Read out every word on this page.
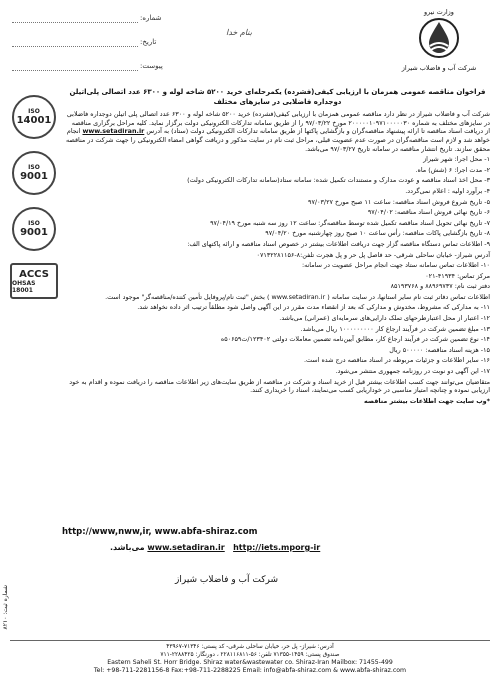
شماره:
تاریخ:
پیوست:
بنام خدا
وزارت نیرو
شرکت آب و فاضلاب شیراز
ISO
14001
ISO
9001
ISO
9001
ACCS
OHSAS 18001
فراخوان مناقصه عمومی همزمان با ارزیابی کیفی(فشرده) یکمرحله‌ای خرید ۵۲۰۰ شاخه لوله و ۶۳۰۰ عدد اتصالی پلی‌اتیلن
دوجداره فاضلابی در سایزهای مختلف

شرکت آب و فاضلاب شیراز در نظر دارد مناقصه عمومی همزمان با ارزیابی کیفی(فشرده) خرید ۵۲۰۰ شاخه لوله و ۶۳۰۰ عدد اتصالی پلی اتیلن دوجداره فاضلابی در سایزهای مختلف به شماره ۲۰۰۰۰۰۱۰۹۷۱۰۰۰۰۰۳۰ مورخ ۹۷/۰۳/۲۲ را از طریق سامانه تدارکات الکترونیکی دولت برگزار نماید. کلیه مراحل برگزاری مناقصه از دریافت اسناد مناقصه تا ارائه پیشنهاد مناقصه‌گران و بازگشایی پاکتها از طریق سامانه تدارکات الکترونیکی دولت (ستاد) به آدرس www.setadiran.ir انجام خواهد شد و لازم است مناقصه‌گران در صورت عدم عضویت قبلی، مراحل ثبت نام در سایت مذکور و دریافت گواهی امضاء الکترونیکی را جهت شرکت در مناقصه محقق سازند. تاریخ انتشار مناقصه در سامانه تاریخ ۹۷/۰۳/۲۷ می‌باشد.

۱- محل اجرا: شهر شیراز

۲- مدت اجرا: ۶ (شش) ماه.

۳- محل اخذ اسناد مناقصه و عودت مدارک و مستندات تکمیل شده: سامانه ستاد(سامانه تدارکات الکترونیکی دولت)

۴- برآورد اولیه : اعلام نمی‌گردد.

۵- تاریخ شروع فروش اسناد مناقصه: ساعت ۱۱ صبح مورخ ۹۷/۰۳/۲۷

۶- تاریخ نهائی فروش اسناد مناقصه: ۹۷/۰۴/۰۲

۷- تاریخ نهائی تحویل اسناد مناقصه تکمیل شده توسط مناقصه‌گر: ساعت ۱۲ روز سه شنبه مورخ ۹۷/۰۴/۱۹

۸- تاریخ بازگشایی پاکات مناقصه: رأس ساعت ۱۰ صبح روز چهارشنبه مورخ ۹۷/۰۴/۲۰

۹- اطلاعات تماس دستگاه مناقصه گزار جهت دریافت اطلاعات بیشتر در خصوص اسناد مناقصه و ارائه پاکتهای الف:

آدرس شیراز- خیابان ساحلی شرقی- حد فاصل پل حر و پل هجرت تلفن:۸-۰۷۱۳۲۲۸۱۱۵۶

۱۰- اطلاعات تماس سامانه ستاد جهت انجام مراحل عضویت در سامانه:

مرکز تماس: ۴۱۹۳۴-۰۲۱

دفتر ثبت نام: ۸۸۹۶۹۷۳۷ و ۸۵۱۹۳۷۶۸

اطلاعات تماس دفاتر ثبت نام سایر استانها، در سایت سامانه ( www.setadiran.ir ) بخش "ثبت نام/پروفایل تأمین کننده/مناقصه‌گر" موجود است.

۱۱- به مدارکی که مشروط، مخدوش و مدارکی که بعد از انقضاء مدت مقرر در این آگهی واصل شود مطلقاً ترتیب اثر داده نخواهد شد.

۱۲- اعتبار از محل اعتبارطرحهای تملک دارایی‌های سرمایه‌ای (عمرانی) می‌باشد.

۱۳- مبلغ تضمین شرکت در فرآیند ارجاع کار ۱۰۰۰۰۰۰۰۰۰ ریال می‌باشد.

۱۴- نوع تضمین شرکت در فرآیند ارجاع کار، مطابق آیین‌نامه تضمین معاملات دولتی ۱۲۳۴۰۲/ت۵۰۶۵۹ه

۱۵- هزینه اسناد مناقصه: ۵۰۰۰۰۰ ریال

۱۶- سایر اطلاعات و جزئیات مربوطه در اسناد مناقصه درج شده است.

۱۷- این آگهی دو نوبت در روزنامه جمهوری منتشر می‌شود.

متقاضیان می‌توانند جهت کسب اطلاعات بیشتر قبل از خرید اسناد و شرکت در مناقصه از طریق سایت‌های زیر اطلاعات مناقصه را دریافت نموده و اقدام به خود ارزیابی نموده و چنانچه امتیاز مناسبی در خوداریابی کسب می‌نمایند، اسناد را خریداری کنند.

*وب سایت جهت اطلاعات بیشتر مناقصه

http://www,nww,ir, www.abfa-shiraz.com
www.setadiran.ir http://iets.mporg-ir می‌باشد.
شرکت آب و فاضلاب شیراز
شماره ثبت: ۸۲۱۰
آدرس: شیراز- پل حر، خیابان ساحلی شرقی- کد پستی: ۷۱۳۴۶-۴۳۹۶۷
صندوق پستی: ۱۴۵۹-۷۱۳۵۵ تلفن: ۵۶-۲۲۸۱۱۶۸۱۱ ، دورنگار: ۲۲۸۸۴۲۵-۷۱۱
Eastern Saheli St. Horr Bridge. Shiraz water&wastewater co. Shiraz-Iran Mailbox: 71455-499
Tel: +98-711-2281156-8 Fax:+98-711-2288225 Email: info@abfa-shiraz.com & www.abfa-shiraz.com
